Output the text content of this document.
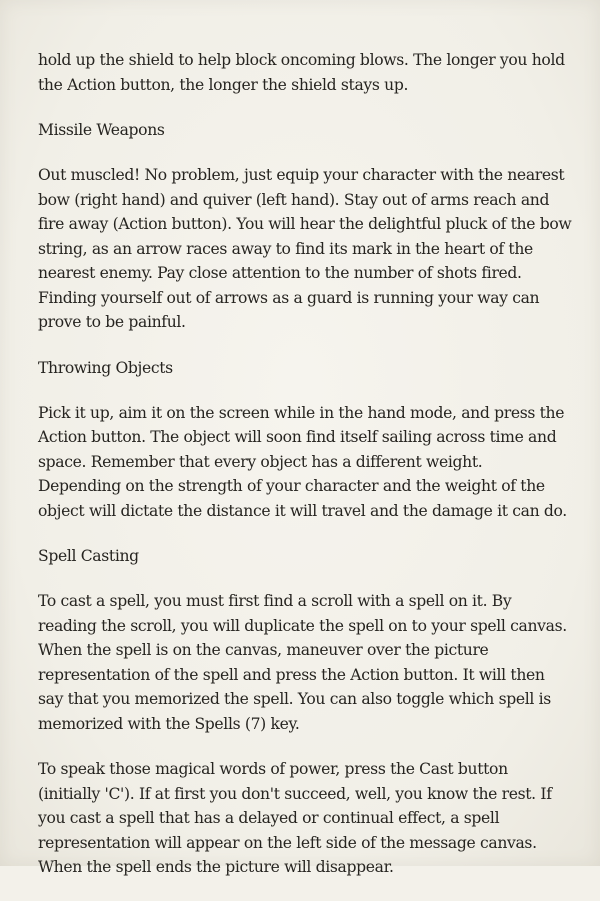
hold up the shield to help block oncoming blows. The longer you hold the Action button, the longer the shield stays up.

Missile Weapons

Out muscled! No problem, just equip your character with the nearest bow (right hand) and quiver (left hand). Stay out of arms reach and fire away (Action button). You will hear the delightful pluck of the bow string, as an arrow races away to find its mark in the heart of the nearest enemy. Pay close attention to the number of shots fired. Finding yourself out of arrows as a guard is running your way can prove to be painful.

Throwing Objects

Pick it up, aim it on the screen while in the hand mode, and press the Action button. The object will soon find itself sailing across time and space. Remember that every object has a different weight.

Depending on the strength of your character and the weight of the object will dictate the distance it will travel and the damage it can do.

Spell Casting

To cast a spell, you must first find a scroll with a spell on it. By reading the scroll, you will duplicate the spell on to your spell canvas. When the spell is on the canvas, maneuver over the picture representation of the spell and press the Action button. It will then say that you memorized the spell. You can also toggle which spell is memorized with the Spells (7) key.

To speak those magical words of power, press the Cast button (initially 'C'). If at first you don't succeed, well, you know the rest. If you cast a spell that has a delayed or continual effect, a spell representation will appear on the left side of the message canvas. When the spell ends the picture will disappear.
